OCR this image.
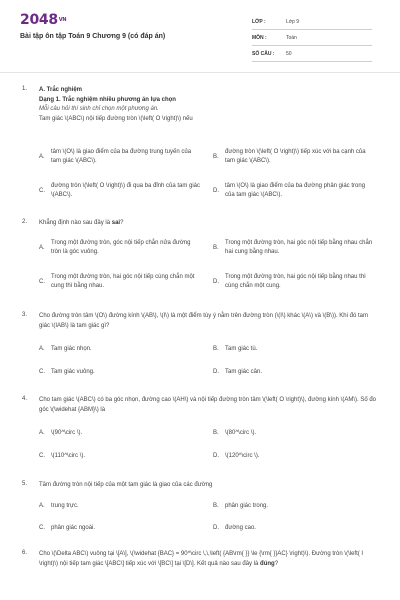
2048VN
Bài tập ôn tập Toán 9 Chương 9 (có đáp án)
LỚP :	Lớp 9
MÔN :	Toán
SỐ CÂU :	50
1. A. Trắc nghiệm
Dạng 1. Trắc nghiệm nhiều phương án lựa chọn
Mỗi câu hỏi thí sinh chỉ chọn một phương án.
Tam giác \(ABC\) nội tiếp đường tròn \(\left( O \right)\) nếu
A.
tâm \(O\) là giao điểm của ba đường trung tuyến của tam giác \(ABC\).
B.
đường tròn \(\left( O \right)\) tiếp xúc với ba cạnh của tam giác \(ABC\).
C.
đường tròn \(\left( O \right)\) đi qua ba đỉnh của tam giác \(ABC\).
D.
tâm \(O\) là giao điểm của ba đường phân giác trong của tam giác \(ABC\).
2. Khẳng định nào sau đây là sai?
A.
Trong một đường tròn, góc nội tiếp chắn nửa đường tròn là góc vuông.
B.
Trong một đường tròn, hai góc nội tiếp bằng nhau chắn hai cung bằng nhau.
C.
Trong một đường tròn, hai góc nội tiếp cùng chắn một cung thì bằng nhau.
D.
Trong một đường tròn, hai góc nội tiếp bằng nhau thì cùng chắn một cung.
3. Cho đường tròn tâm \(O\) đường kính \(AB\), \(I\) là một điểm tùy ý nằm trên đường tròn (\(I\) khác \(A\) và \(B\)). Khi đó tam giác \(IAB\) là tam giác gì?
A.	Tam giác nhọn.	B.	Tam giác tù.
C.	Tam giác vuông.	D.	Tam giác cân.
4. Cho tam giác \(ABC\) có ba góc nhọn, đường cao \(AH\) và nội tiếp đường tròn tâm \(\left( O \right)\), đường kính \(AM\). Số đo góc \(\widehat {ABM}\) là
A.	\(90^\circ \).	B.	\(80^\circ \).
C.	\(110^\circ \).	D.	\(120^\circ \).
5. Tâm đường tròn nội tiếp của một tam giác là giao của các đường
A.	trung trực.	B.	phân giác trong.
C.	phân giác ngoài.	D.	đường cao.
6. Cho \(\Delta ABC\) vuông tại \[A\], \(\widehat {BAC} = 90^\circ \,\,\left( {AB\rm{ }} \le {\rm{ }}AC} \right)\). Đường tròn \(\left( I \right)\) nội tiếp tam giác \[ABC\] tiếp xúc với \[BC\] tại \[D\]. Kết quả nào sau đây là đúng?
